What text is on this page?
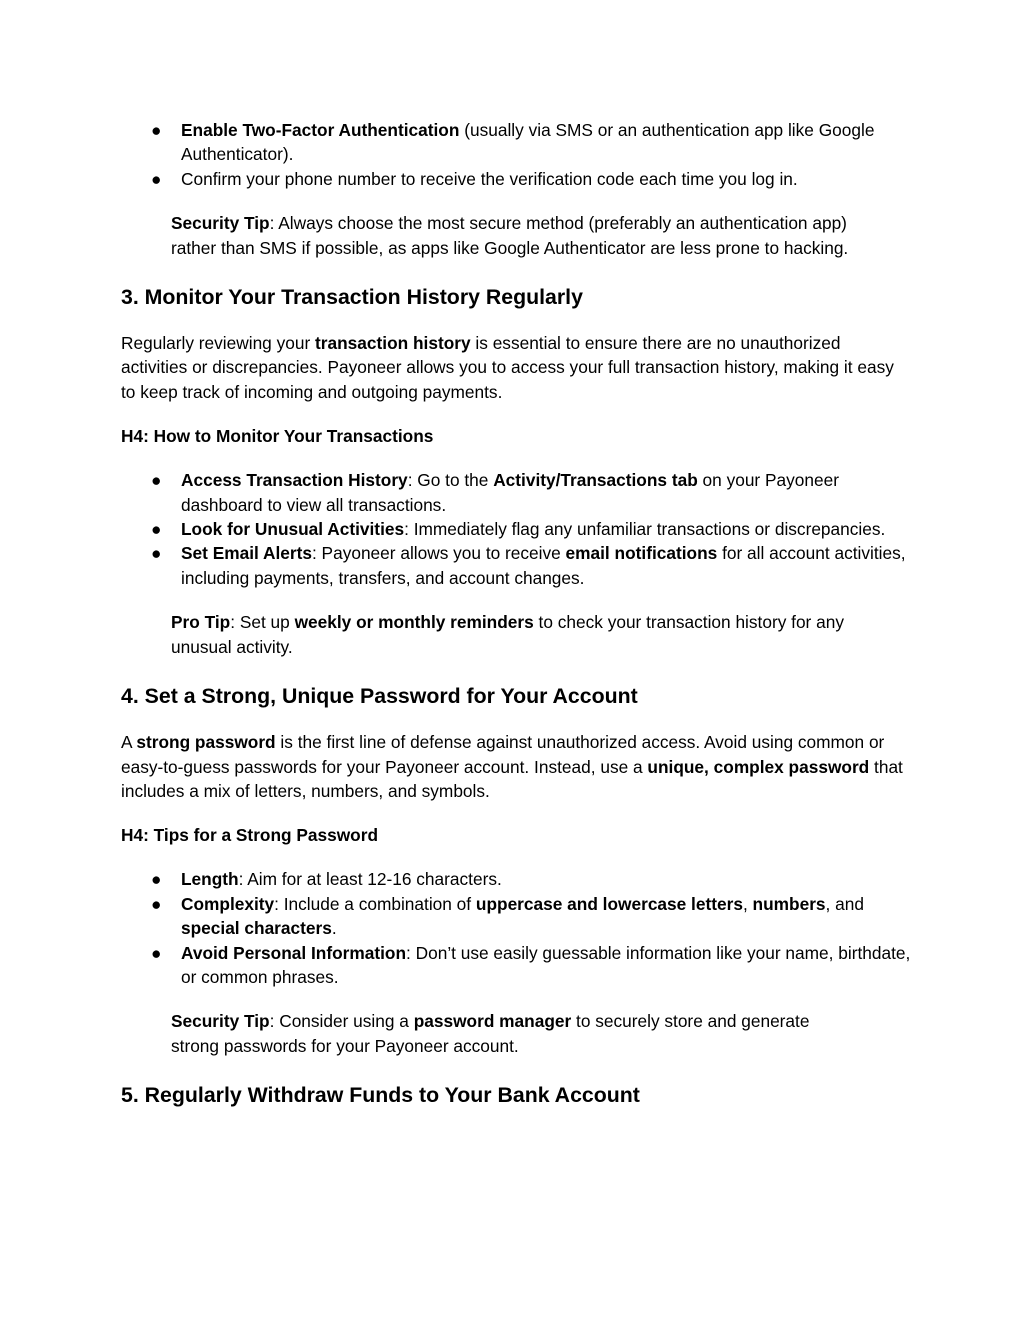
● Enable Two-Factor Authentication (usually via SMS or an authentication app like Google Authenticator).
● Confirm your phone number to receive the verification code each time you log in.

Security Tip: Always choose the most secure method (preferably an authentication app) rather than SMS if possible, as apps like Google Authenticator are less prone to hacking.

3. Monitor Your Transaction History Regularly

Regularly reviewing your transaction history is essential to ensure there are no unauthorized activities or discrepancies. Payoneer allows you to access your full transaction history, making it easy to keep track of incoming and outgoing payments.

H4: How to Monitor Your Transactions
● Access Transaction History: Go to the Activity/Transactions tab on your Payoneer dashboard to view all transactions.
● Look for Unusual Activities: Immediately flag any unfamiliar transactions or discrepancies.
● Set Email Alerts: Payoneer allows you to receive email notifications for all account activities, including payments, transfers, and account changes.

Pro Tip: Set up weekly or monthly reminders to check your transaction history for any unusual activity.

4. Set a Strong, Unique Password for Your Account

A strong password is the first line of defense against unauthorized access. Avoid using common or easy-to-guess passwords for your Payoneer account. Instead, use a unique, complex password that includes a mix of letters, numbers, and symbols.

H4: Tips for a Strong Password
● Length: Aim for at least 12-16 characters.
● Complexity: Include a combination of uppercase and lowercase letters, numbers, and special characters.
● Avoid Personal Information: Don’t use easily guessable information like your name, birthdate, or common phrases.

Security Tip: Consider using a password manager to securely store and generate strong passwords for your Payoneer account.

5. Regularly Withdraw Funds to Your Bank Account
